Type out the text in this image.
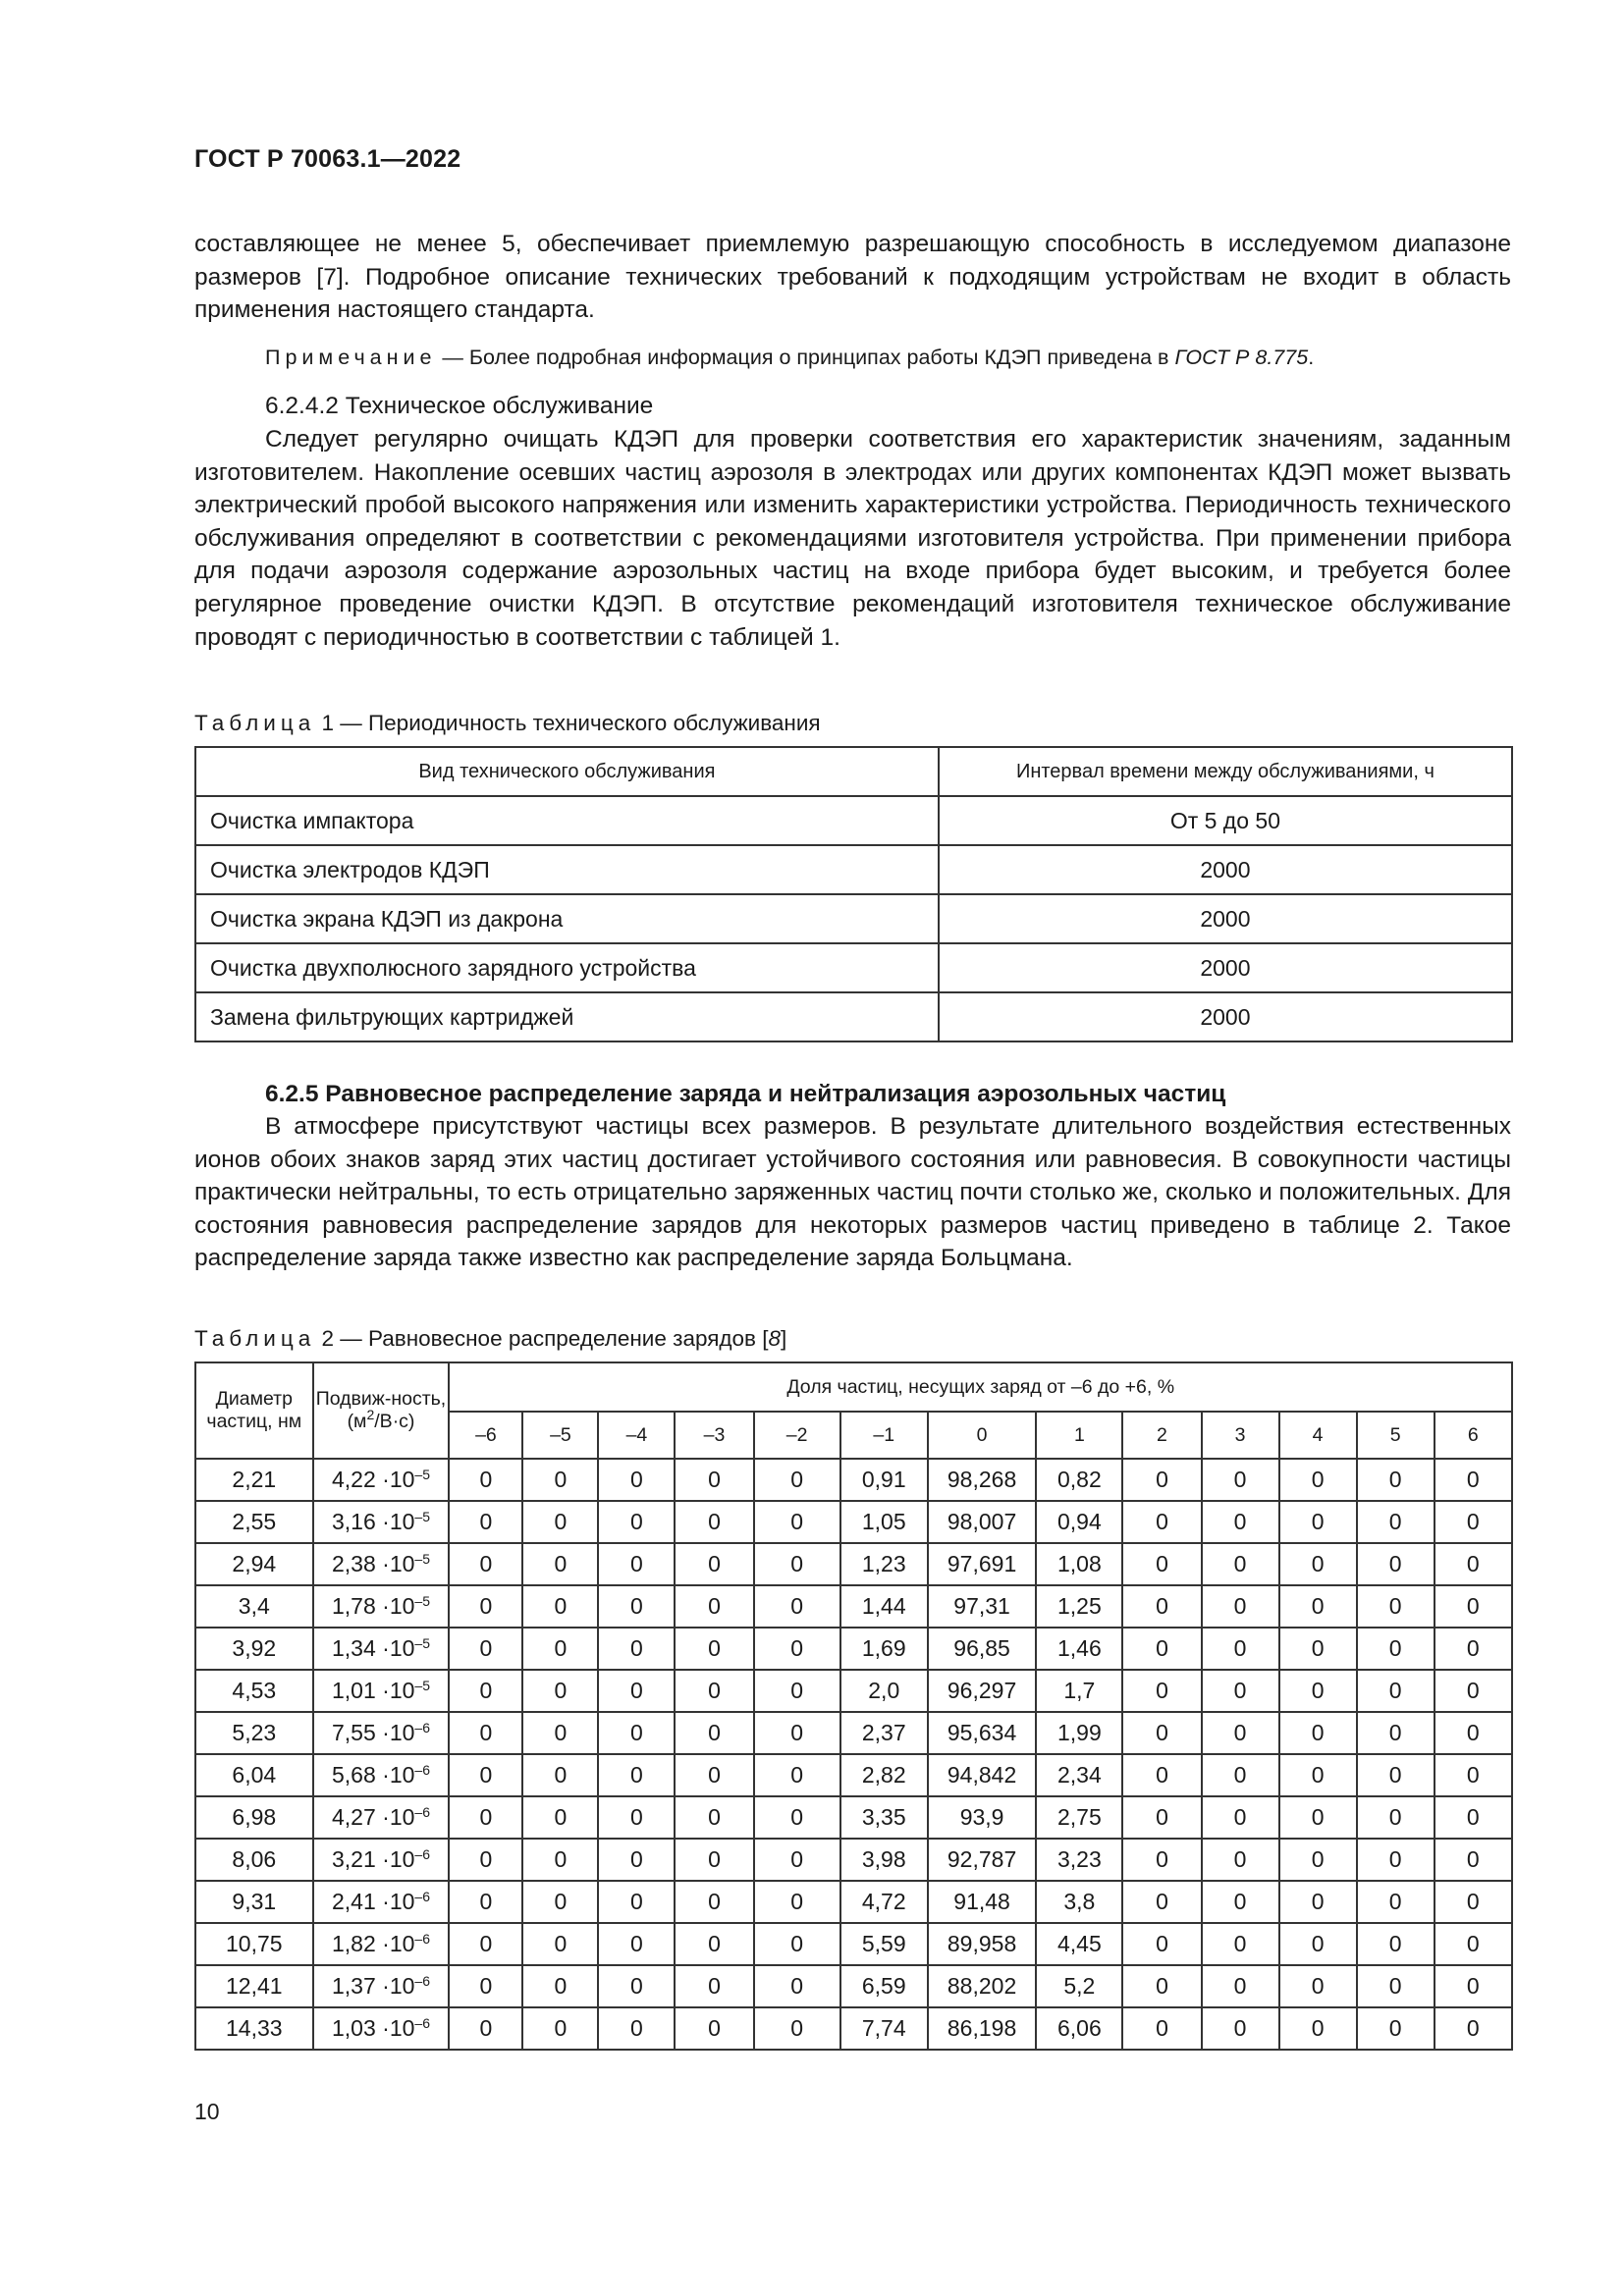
ГОСТ Р 70063.1—2022
составляющее не менее 5, обеспечивает приемлемую разрешающую способность в исследуемом диапазоне размеров [7]. Подробное описание технических требований к подходящим устройствам не входит в область применения настоящего стандарта.
Примечание — Более подробная информация о принципах работы КДЭП приведена в ГОСТ Р 8.775.
6.2.4.2 Техническое обслуживание
Следует регулярно очищать КДЭП для проверки соответствия его характеристик значениям, заданным изготовителем. Накопление осевших частиц аэрозоля в электродах или других компонентах КДЭП может вызвать электрический пробой высокого напряжения или изменить характеристики устройства. Периодичность технического обслуживания определяют в соответствии с рекомендациями изготовителя устройства. При применении прибора для подачи аэрозоля содержание аэрозольных частиц на входе прибора будет высоким, и требуется более регулярное проведение очистки КДЭП. В отсутствие рекомендаций изготовителя техническое обслуживание проводят с периодичностью в соответствии с таблицей 1.
Таблица 1 — Периодичность технического обслуживания
Вид технического обслуживания	Интервал времени между обслуживаниями, ч
Очистка импактора	От 5 до 50
Очистка электродов КДЭП	2000
Очистка экрана КДЭП из дакрона	2000
Очистка двухполюсного зарядного устройства	2000
Замена фильтрующих картриджей	2000
6.2.5 Равновесное распределение заряда и нейтрализация аэрозольных частиц
В атмосфере присутствуют частицы всех размеров. В результате длительного воздействия естественных ионов обоих знаков заряд этих частиц достигает устойчивого состояния или равновесия. В совокупности частицы практически нейтральны, то есть отрицательно заряженных частиц почти столько же, сколько и положительных. Для состояния равновесия распределение зарядов для некоторых размеров частиц приведено в таблице 2. Такое распределение заряда также известно как распределение заряда Больцмана.
Таблица 2 — Равновесное распределение зарядов [8]
Диаметр частиц, нм	Подвиж-ность, $(м^2/В\cdot с)$	Доля частиц, несущих заряд от –6 до +6, %												
		–6	–5	–4	–3	–2	–1	0	1	2	3	4	5	6
2,21	$4,22 \cdot 10^{-5}$	0	0	0	0	0	0,91	98,268	0,82	0	0	0	0	0
2,55	$3,16 \cdot 10^{-5}$	0	0	0	0	0	1,05	98,007	0,94	0	0	0	0	0
2,94	$2,38 \cdot 10^{-5}$	0	0	0	0	0	1,23	97,691	1,08	0	0	0	0	0
3,4	$1,78 \cdot 10^{-5}$	0	0	0	0	0	1,44	97,31	1,25	0	0	0	0	0
3,92	$1,34 \cdot 10^{-5}$	0	0	0	0	0	1,69	96,85	1,46	0	0	0	0	0
4,53	$1,01 \cdot 10^{-5}$	0	0	0	0	0	2,0	96,297	1,7	0	0	0	0	0
5,23	$7,55 \cdot 10^{-6}$	0	0	0	0	0	2,37	95,634	1,99	0	0	0	0	0
6,04	$5,68 \cdot 10^{-6}$	0	0	0	0	0	2,82	94,842	2,34	0	0	0	0	0
6,98	$4,27 \cdot 10^{-6}$	0	0	0	0	0	3,35	93,9	2,75	0	0	0	0	0
8,06	$3,21 \cdot 10^{-6}$	0	0	0	0	0	3,98	92,787	3,23	0	0	0	0	0
9,31	$2,41 \cdot 10^{-6}$	0	0	0	0	0	4,72	91,48	3,8	0	0	0	0	0
10,75	$1,82 \cdot 10^{-6}$	0	0	0	0	0	5,59	89,958	4,45	0	0	0	0	0
12,41	$1,37 \cdot 10^{-6}$	0	0	0	0	0	6,59	88,202	5,2	0	0	0	0	0
14,33	$1,03 \cdot 10^{-6}$	0	0	0	0	0	7,74	86,198	6,06	0	0	0	0	0
10
